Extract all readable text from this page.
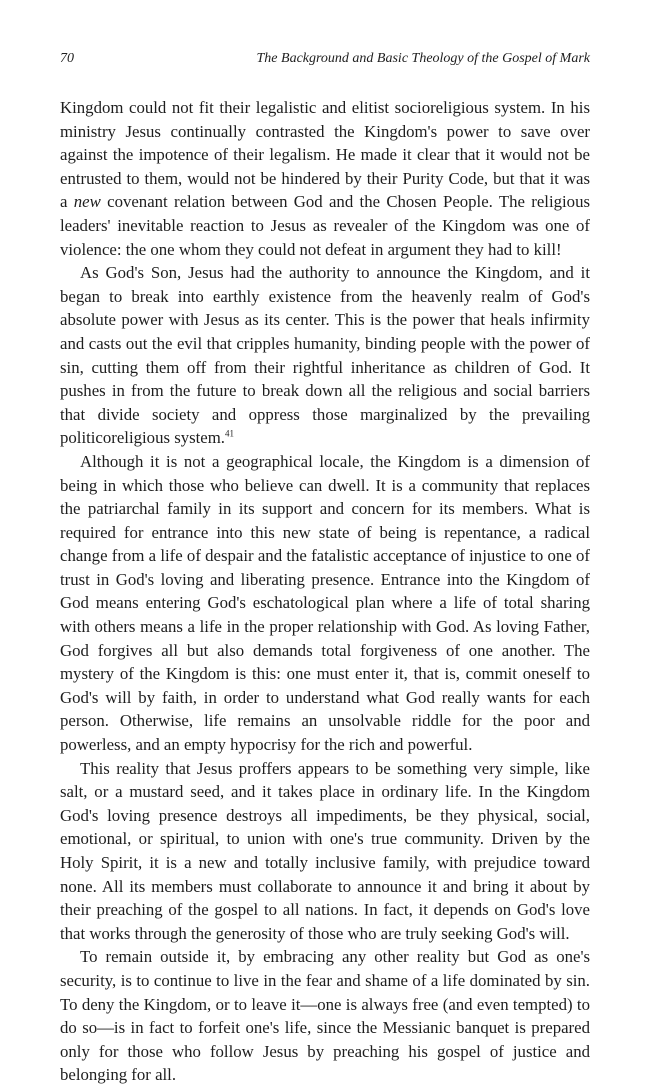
70	The Background and Basic Theology of the Gospel of Mark

Kingdom could not fit their legalistic and elitist socioreligious system. In his ministry Jesus continually contrasted the Kingdom's power to save over against the impotence of their legalism. He made it clear that it would not be entrusted to them, would not be hindered by their Purity Code, but that it was a new covenant relation between God and the Chosen People. The religious leaders' inevitable reaction to Jesus as revealer of the Kingdom was one of violence: the one whom they could not defeat in argument they had to kill!

As God's Son, Jesus had the authority to announce the Kingdom, and it began to break into earthly existence from the heavenly realm of God's absolute power with Jesus as its center. This is the power that heals infirmity and casts out the evil that cripples humanity, binding people with the power of sin, cutting them off from their rightful inheritance as children of God. It pushes in from the future to break down all the religious and social barriers that divide society and oppress those marginalized by the prevailing politicoreligious system.$^{41}$

Although it is not a geographical locale, the Kingdom is a dimension of being in which those who believe can dwell. It is a community that replaces the patriarchal family in its support and concern for its members. What is required for entrance into this new state of being is repentance, a radical change from a life of despair and the fatalistic acceptance of injustice to one of trust in God's loving and liberating presence. Entrance into the Kingdom of God means entering God's eschatological plan where a life of total sharing with others means a life in the proper relationship with God. As loving Father, God forgives all but also demands total forgiveness of one another. The mystery of the Kingdom is this: one must enter it, that is, commit oneself to God's will by faith, in order to understand what God really wants for each person. Otherwise, life remains an unsolvable riddle for the poor and powerless, and an empty hypocrisy for the rich and powerful.

This reality that Jesus proffers appears to be something very simple, like salt, or a mustard seed, and it takes place in ordinary life. In the Kingdom God's loving presence destroys all impediments, be they physical, social, emotional, or spiritual, to union with one's true community. Driven by the Holy Spirit, it is a new and totally inclusive family, with prejudice toward none. All its members must collaborate to announce it and bring it about by their preaching of the gospel to all nations. In fact, it depends on God's love that works through the generosity of those who are truly seeking God's will.

To remain outside it, by embracing any other reality but God as one's security, is to continue to live in the fear and shame of a life dominated by sin. To deny the Kingdom, or to leave it—one is always free (and even tempted) to do so—is in fact to forfeit one's life, since the Messianic banquet is prepared only for those who follow Jesus by preaching his gospel of justice and belonging for all.
